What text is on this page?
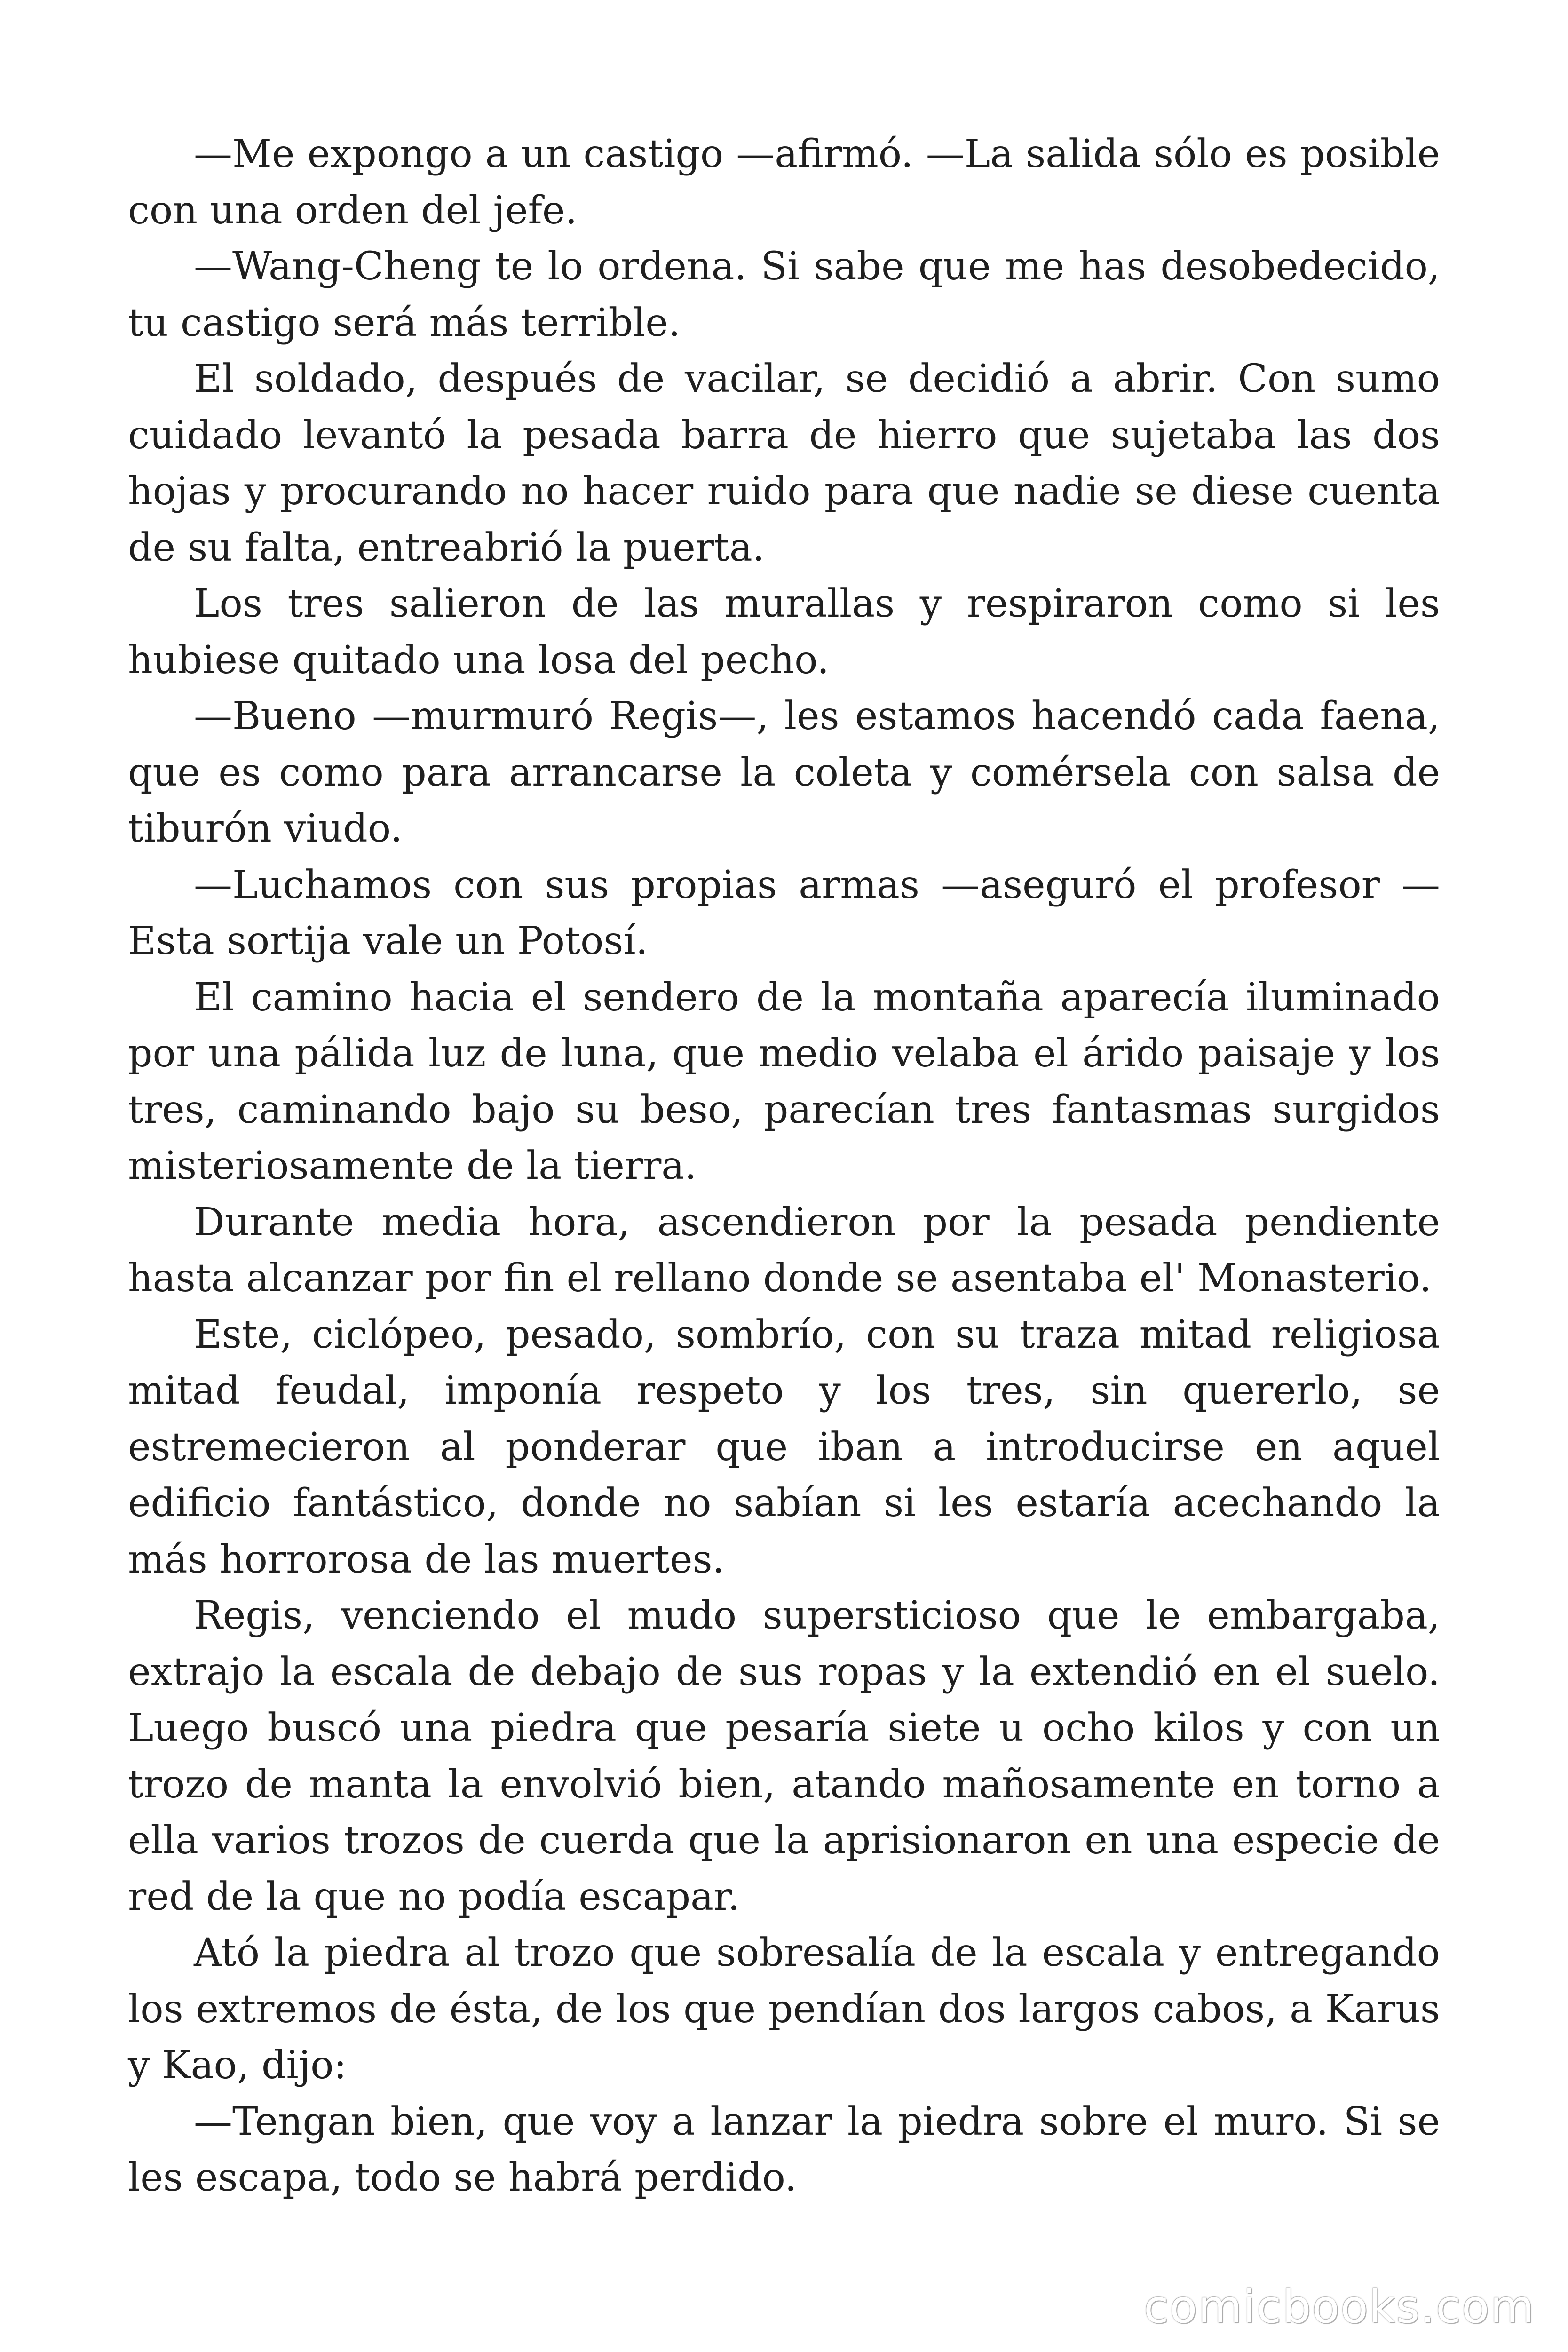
—Me expongo a un castigo —afirmó. —La salida sólo es posible con una orden del jefe.

—Wang-Cheng te lo ordena. Si sabe que me has desobedecido, tu castigo será más terrible.

El soldado, después de vacilar, se decidió a abrir. Con sumo cuidado levantó la pesada barra de hierro que sujetaba las dos hojas y procurando no hacer ruido para que nadie se diese cuenta de su falta, entreabrió la puerta.

Los tres salieron de las murallas y respiraron como si les hubiese quitado una losa del pecho.

—Bueno —murmuró Regis—, les estamos hacendó cada faena, que es como para arrancarse la coleta y comérsela con salsa de tiburón viudo.

—Luchamos con sus propias armas —aseguró el profesor —Esta sortija vale un Potosí.

El camino hacia el sendero de la montaña aparecía iluminado por una pálida luz de luna, que medio velaba el árido paisaje y los tres, caminando bajo su beso, parecían tres fantasmas surgidos misteriosamente de la tierra.

Durante media hora, ascendieron por la pesada pendiente hasta alcanzar por fin el rellano donde se asentaba el' Monasterio.

Este, ciclópeo, pesado, sombrío, con su traza mitad religiosa mitad feudal, imponía respeto y los tres, sin quererlo, se estremecieron al ponderar que iban a introducirse en aquel edificio fantástico, donde no sabían si les estaría acechando la más horrorosa de las muertes.

Regis, venciendo el mudo supersticioso que le embargaba, extrajo la escala de debajo de sus ropas y la extendió en el suelo. Luego buscó una piedra que pesaría siete u ocho kilos y con un trozo de manta la envolvió bien, atando mañosamente en torno a ella varios trozos de cuerda que la aprisionaron en una especie de red de la que no podía escapar.

Ató la piedra al trozo que sobresalía de la escala y entregando los extremos de ésta, de los que pendían dos largos cabos, a Karus y Kao, dijo:

—Tengan bien, que voy a lanzar la piedra sobre el muro. Si se les escapa, todo se habrá perdido.

comicbooks.com
